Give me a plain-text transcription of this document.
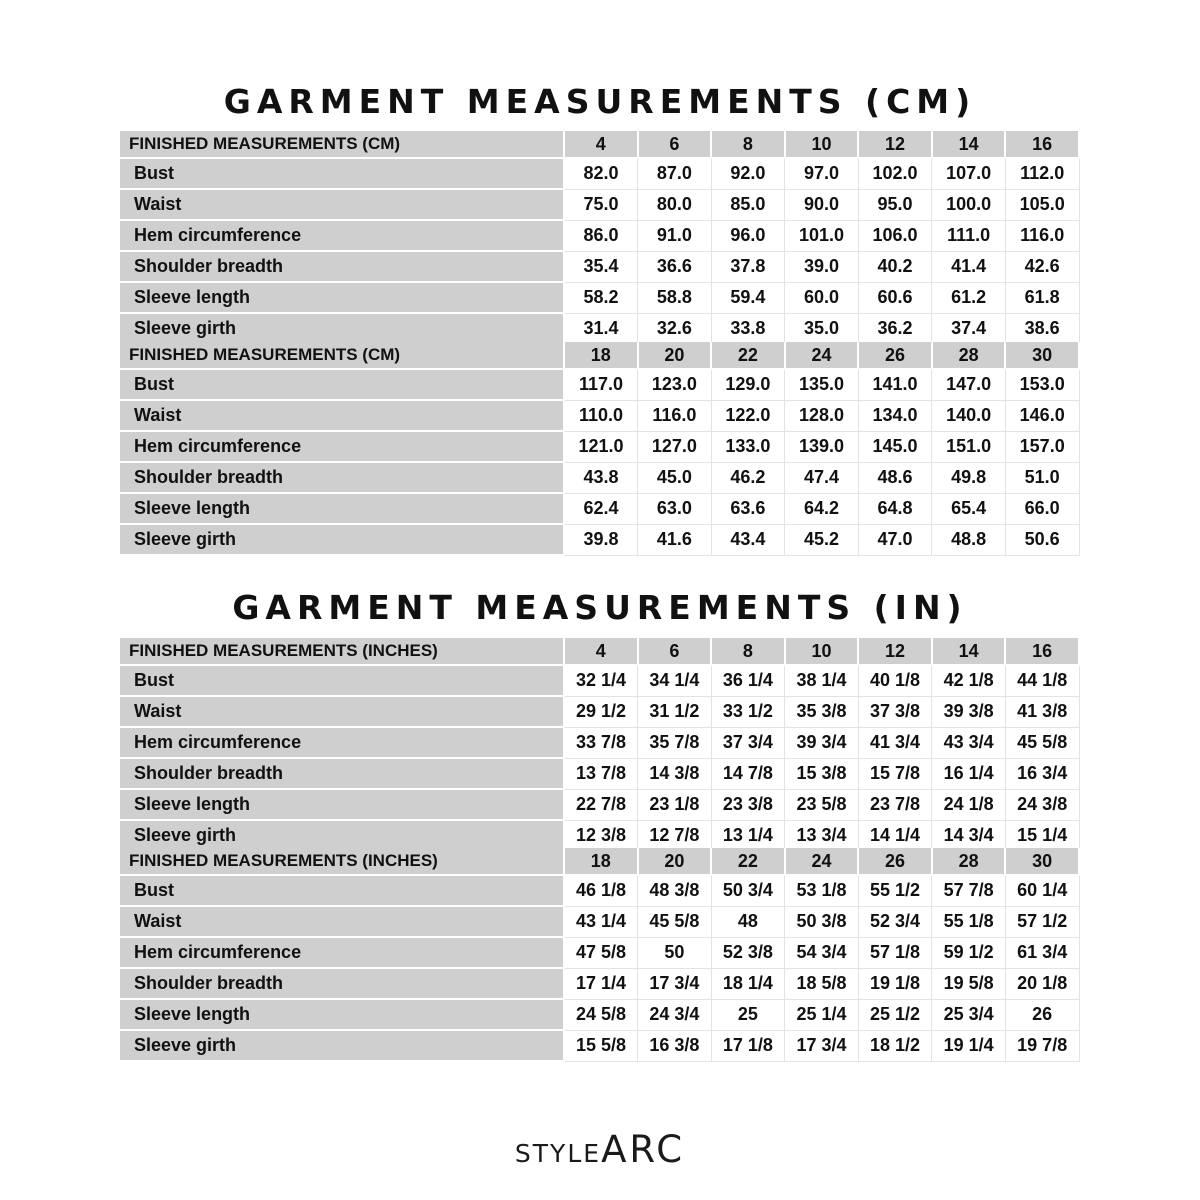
GARMENT MEASUREMENTS (CM)
FINISHED MEASUREMENTS (CM)	4	6	8	10	12	14	16
Bust	82.0	87.0	92.0	97.0	102.0	107.0	112.0
Waist	75.0	80.0	85.0	90.0	95.0	100.0	105.0
Hem circumference	86.0	91.0	96.0	101.0	106.0	111.0	116.0
Shoulder breadth	35.4	36.6	37.8	39.0	40.2	41.4	42.6
Sleeve length	58.2	58.8	59.4	60.0	60.6	61.2	61.8
Sleeve girth	31.4	32.6	33.8	35.0	36.2	37.4	38.6
FINISHED MEASUREMENTS (CM)	18	20	22	24	26	28	30
Bust	117.0	123.0	129.0	135.0	141.0	147.0	153.0
Waist	110.0	116.0	122.0	128.0	134.0	140.0	146.0
Hem circumference	121.0	127.0	133.0	139.0	145.0	151.0	157.0
Shoulder breadth	43.8	45.0	46.2	47.4	48.6	49.8	51.0
Sleeve length	62.4	63.0	63.6	64.2	64.8	65.4	66.0
Sleeve girth	39.8	41.6	43.4	45.2	47.0	48.8	50.6
GARMENT MEASUREMENTS (IN)
FINISHED MEASUREMENTS (INCHES)	4	6	8	10	12	14	16
Bust	32 1/4	34 1/4	36 1/4	38 1/4	40 1/8	42 1/8	44 1/8
Waist	29 1/2	31 1/2	33 1/2	35 3/8	37 3/8	39 3/8	41 3/8
Hem circumference	33 7/8	35 7/8	37 3/4	39 3/4	41 3/4	43 3/4	45 5/8
Shoulder breadth	13 7/8	14 3/8	14 7/8	15 3/8	15 7/8	16 1/4	16 3/4
Sleeve length	22 7/8	23 1/8	23 3/8	23 5/8	23 7/8	24 1/8	24 3/8
Sleeve girth	12 3/8	12 7/8	13 1/4	13 3/4	14 1/4	14 3/4	15 1/4
FINISHED MEASUREMENTS (INCHES)	18	20	22	24	26	28	30
Bust	46 1/8	48 3/8	50 3/4	53 1/8	55 1/2	57 7/8	60 1/4
Waist	43 1/4	45 5/8	48	50 3/8	52 3/4	55 1/8	57 1/2
Hem circumference	47 5/8	50	52 3/8	54 3/4	57 1/8	59 1/2	61 3/4
Shoulder breadth	17 1/4	17 3/4	18 1/4	18 5/8	19 1/8	19 5/8	20 1/8
Sleeve length	24 5/8	24 3/4	25	25 1/4	25 1/2	25 3/4	26
Sleeve girth	15 5/8	16 3/8	17 1/8	17 3/4	18 1/2	19 1/4	19 7/8
STYLEARC
